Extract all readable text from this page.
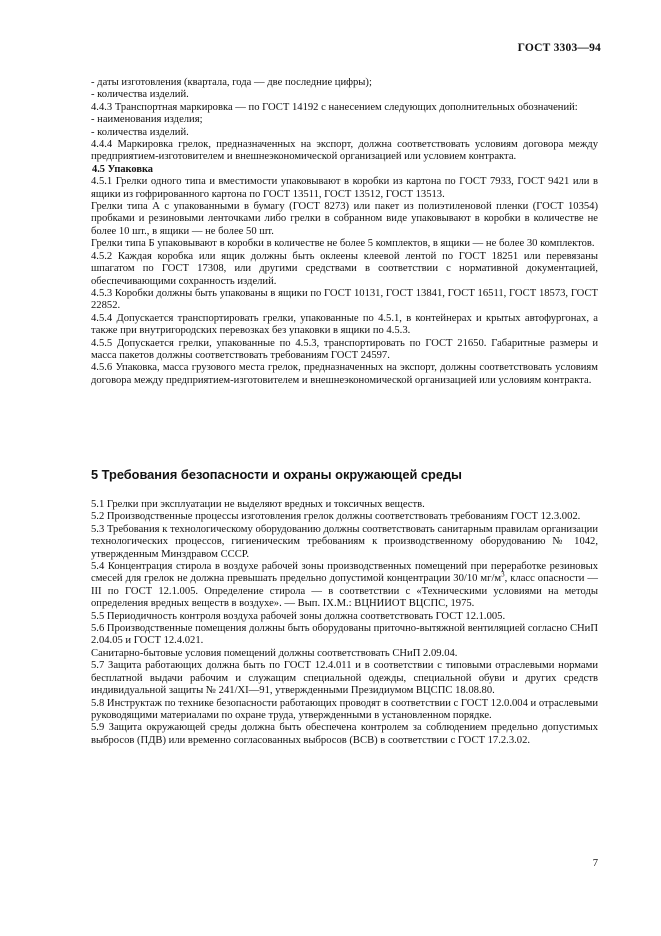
ГОСТ 3303—94

- даты изготовления (квартала, года — две последние цифры);

- количества изделий.

4.4.3 Транспортная маркировка — по ГОСТ 14192 с нанесением следующих дополнительных обозначений:

- наименования изделия;

- количества изделий.

4.4.4 Маркировка грелок, предназначенных на экспорт, должна соответствовать условиям договора между предприятием-изготовителем и внешнеэкономической организацией или условием контракта.

4.5 Упаковка

4.5.1 Грелки одного типа и вместимости упаковывают в коробки из картона по ГОСТ 7933, ГОСТ 9421 или в ящики из гофрированного картона по ГОСТ 13511, ГОСТ 13512, ГОСТ 13513.

Грелки типа А с упакованными в бумагу (ГОСТ 8273) или пакет из полиэтиленовой пленки (ГОСТ 10354) пробками и резиновыми ленточками либо грелки в собранном виде упаковывают в коробки в количестве не более 10 шт., в ящики — не более 50 шт.

Грелки типа Б упаковывают в коробки в количестве не более 5 комплектов, в ящики — не более 30 комплектов.

4.5.2 Каждая коробка или ящик должны быть оклеены клеевой лентой по ГОСТ 18251 или перевязаны шпагатом по ГОСТ 17308, или другими средствами в соответствии с нормативной документацией, обеспечивающими сохранность изделий.

4.5.3 Коробки должны быть упакованы в ящики по ГОСТ 10131, ГОСТ 13841, ГОСТ 16511, ГОСТ 18573, ГОСТ 22852.

4.5.4 Допускается транспортировать грелки, упакованные по 4.5.1, в контейнерах и крытых автофургонах, а также при внутригородских перевозках без упаковки в ящики по 4.5.3.

4.5.5 Допускается грелки, упакованные по 4.5.3, транспортировать по ГОСТ 21650. Габаритные размеры и масса пакетов должны соответствовать требованиям ГОСТ 24597.

4.5.6 Упаковка, масса грузового места грелок, предназначенных на экспорт, должны соответствовать условиям договора между предприятием-изготовителем и внешнеэкономической организацией или условиям контракта.

5 Требования безопасности и охраны окружающей среды

5.1 Грелки при эксплуатации не выделяют вредных и токсичных веществ.

5.2 Производственные процессы изготовления грелок должны соответствовать требованиям ГОСТ 12.3.002.

5.3 Требования к технологическому оборудованию должны соответствовать санитарным правилам организации технологических процессов, гигиеническим требованиям к производственному оборудованию № 1042, утвержденным Минздравом СССР.

5.4 Концентрация стирола в воздухе рабочей зоны производственных помещений при переработке резиновых смесей для грелок не должна превышать предельно допустимой концентрации 30/10 $мг/м^3$, класс опасности — III по ГОСТ 12.1.005. Определение стирола — в соответствии с «Техническими условиями на методы определения вредных веществ в воздухе». — Вып. IX.М.: ВЦНИИОТ ВЦСПС, 1975.

5.5 Периодичность контроля воздуха рабочей зоны должна соответствовать ГОСТ 12.1.005.

5.6 Производственные помещения должны быть оборудованы приточно-вытяжной вентиляцией согласно СНиП 2.04.05 и ГОСТ 12.4.021.

Санитарно-бытовые условия помещений должны соответствовать СНиП 2.09.04.

5.7 Защита работающих должна быть по ГОСТ 12.4.011 и в соответствии с типовыми отраслевыми нормами бесплатной выдачи рабочим и служащим специальной одежды, специальной обуви и других средств индивидуальной защиты № 241/XI—91, утвержденными Президиумом ВЦСПС 18.08.80.

5.8 Инструктаж по технике безопасности работающих проводят в соответствии с ГОСТ 12.0.004 и отраслевыми руководящими материалами по охране труда, утвержденными в установленном порядке.

5.9 Защита окружающей среды должна быть обеспечена контролем за соблюдением предельно допустимых выбросов (ПДВ) или временно согласованных выбросов (ВСВ) в соответствии с ГОСТ 17.2.3.02.

7
